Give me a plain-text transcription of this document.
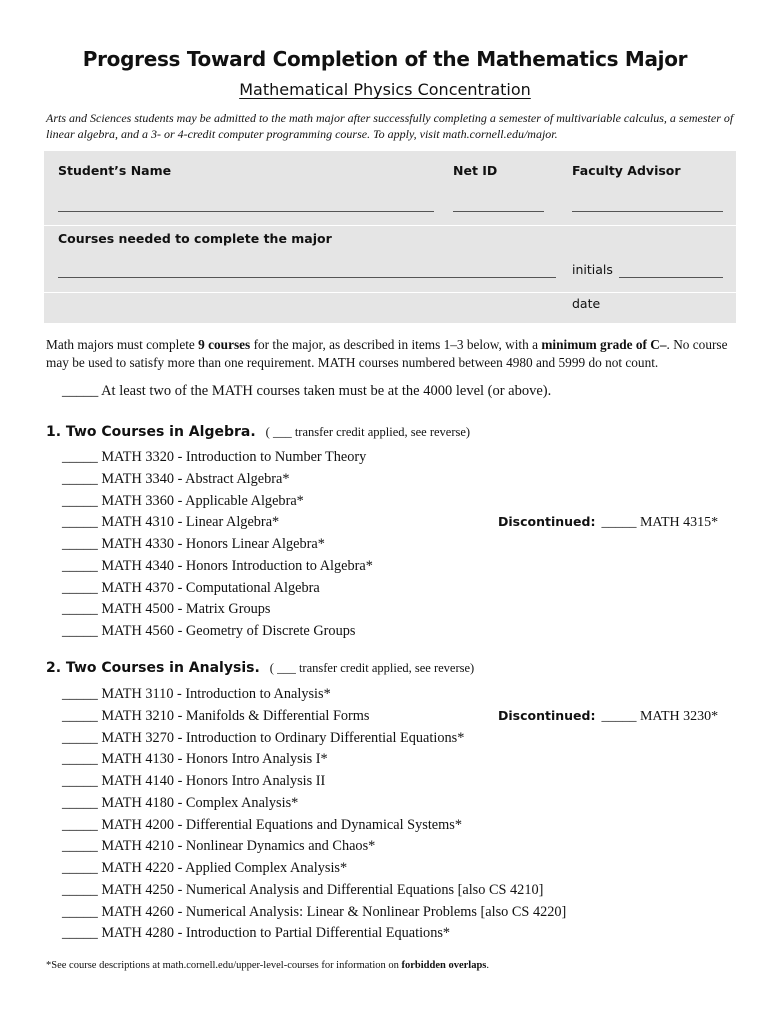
Progress Toward Completion of the Mathematics Major
Mathematical Physics Concentration
Arts and Sciences students may be admitted to the math major after successfully completing a semester of multivariable calculus, a semester of linear algebra, and a 3- or 4-credit computer programming course. To apply, visit math.cornell.edu/major.
Student’s Name	Net ID	Faculty Advisor
Courses needed to complete the major
initials
date
Math majors must complete 9 courses for the major, as described in items 1–3 below, with a minimum grade of C–. No course may be used to satisfy more than one requirement. MATH courses numbered between 4980 and 5999 do not count.
_____ At least two of the MATH courses taken must be at the 4000 level (or above).
1. Two Courses in Algebra. ( ___ transfer credit applied, see reverse)
_____ MATH 3320 - Introduction to Number Theory
_____ MATH 3340 - Abstract Algebra*
_____ MATH 3360 - Applicable Algebra*
_____ MATH 4310 - Linear Algebra*
_____ MATH 4330 - Honors Linear Algebra*
_____ MATH 4340 - Honors Introduction to Algebra*
_____ MATH 4370 - Computational Algebra
_____ MATH 4500 - Matrix Groups
_____ MATH 4560 - Geometry of Discrete Groups
Discontinued: _____ MATH 4315*
2. Two Courses in Analysis. ( ___ transfer credit applied, see reverse)
_____ MATH 3110 - Introduction to Analysis*
_____ MATH 3210 - Manifolds & Differential Forms
_____ MATH 3270 - Introduction to Ordinary Differential Equations*
_____ MATH 4130 - Honors Intro Analysis I*
_____ MATH 4140 - Honors Intro Analysis II
_____ MATH 4180 - Complex Analysis*
_____ MATH 4200 - Differential Equations and Dynamical Systems*
_____ MATH 4210 - Nonlinear Dynamics and Chaos*
_____ MATH 4220 - Applied Complex Analysis*
_____ MATH 4250 - Numerical Analysis and Differential Equations [also CS 4210]
_____ MATH 4260 - Numerical Analysis: Linear & Nonlinear Problems [also CS 4220]
_____ MATH 4280 - Introduction to Partial Differential Equations*
Discontinued: _____ MATH 3230*
*See course descriptions at math.cornell.edu/upper-level-courses for information on forbidden overlaps.
